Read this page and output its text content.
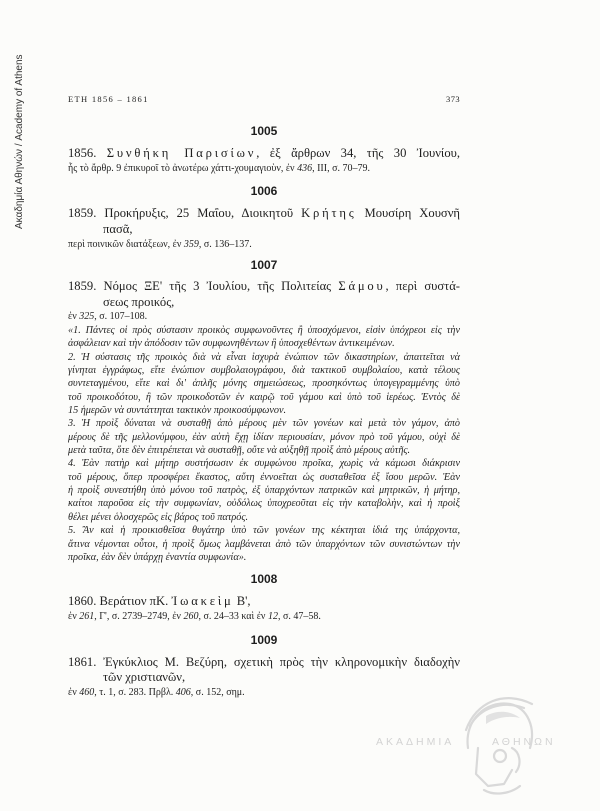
Ακαδημία Αθηνών / Academy of Athens	ΕΤΗ 1856 – 1861	373
1005
1856. Συνθήκη Παρισίων, ἐξ ἄρθρων 34, τῆς 30 Ἰουνίου,
ἧς τὸ ἄρθρ. 9 ἐπικυροῖ τὸ ἀνωτέρω χάττι-χουμαγιοὺν, ἐν 436, III, σ. 70–79.
1006
1859. Προκήρυξις, 25 Μαΐου, Διοικητοῦ Κρήτης Μουσίρη Χουσνῆ
πασᾶ,
περὶ ποινικῶν διατάξεων, ἐν 359, σ. 136–137.
1007
1859. Νόμος ΞΕ' τῆς 3 Ἰουλίου, τῆς Πολιτείας Σάμου, περὶ συστά-
σεως προικός,
ἐν 325, σ. 107–108.
«1. Πάντες οἱ πρὸς σύστασιν προικὸς συμφωνοῦντες ἢ ὑποσχόμενοι, εἰσὶν ὑπόχρεοι εἰς τὴν
ἀσφάλειαν καὶ τὴν ἀπόδοσιν τῶν συμφωνηθέντων ἢ ὑποσχεθέντων ἀντικειμένων.
2. Ἡ σύστασις τῆς προικὸς διὰ νὰ εἶναι ἰσχυρὰ ἐνώπιον τῶν δικαστηρίων, ἀπαιτεῖται νὰ
γίνηται ἐγγράφως, εἴτε ἐνώπιον συμβολαιογράφου, διὰ τακτικοῦ συμβολαίου, κατὰ τέλους
συντεταγμένου, εἴτε καὶ δι' ἁπλῆς μόνης σημειώσεως, προσηκόντως ὑπογεγραμμένης ὑπὸ
τοῦ προικοδότου, ἢ τῶν προικοδοτῶν ἐν καιρῷ τοῦ γάμου καὶ ὑπὸ τοῦ ἱερέως. Ἐντὸς δὲ
15 ἡμερῶν νὰ συντάττηται τακτικὸν προικοσύμφωνον.
3. Ἡ προὶξ δύναται νὰ συσταθῇ ἀπὸ μέρους μὲν τῶν γονέων καὶ μετὰ τὸν γάμον, ἀπὸ
μέρους δὲ τῆς μελλονύμφου, ἐὰν αὐτὴ ἔχῃ ἰδίαν περιουσίαν, μόνον πρὸ τοῦ γάμου, οὐχὶ δὲ
μετὰ ταῦτα, ὅτε δὲν ἐπιτρέπεται νὰ συσταθῇ, οὔτε νὰ αὐξηθῇ προὶξ ἀπὸ μέρους αὐτῆς.
4. Ἐὰν πατὴρ καὶ μήτηρ συστήσωσιν ἐκ συμφώνου προῖκα, χωρὶς νὰ κάμωσι διάκρισιν
τοῦ μέρους, ὅπερ προσφέρει ἕκαστος, αὕτη ἐννοεῖται ὡς συσταθεῖσα ἐξ ἴσου μερῶν. Ἐὰν
ἡ προὶξ συνεστήθη ὑπὸ μόνου τοῦ πατρὸς, ἐξ ὑπαρχόντων πατρικῶν καὶ μητρικῶν, ἡ μήτηρ,
καίτοι παροῦσα εἰς τὴν συμφωνίαν, οὐδόλως ὑποχρεοῦται εἰς τὴν καταβολὴν, καὶ ἡ προὶξ
θέλει μένει ὁλοσχερῶς εἰς βάρος τοῦ πατρός.
5. Ἂν καὶ ἡ προικισθεῖσα θυγάτηρ ὑπὸ τῶν γονέων της κέκτηται ἰδιά της ὑπάρχοντα,
ἄτινα νέμονται οὗτοι, ἡ προὶξ ὅμως λαμβάνεται ἀπὸ τῶν ὑπαρχόντων τῶν συνιστώντων τὴν
προῖκα, ἐὰν δὲν ὑπάρχῃ ἐναντία συμφωνία».
1008
1860. Βεράτιον πΚ. Ἰωακεὶμ Β',
ἐν 261, Γ', σ. 2739–2749, ἐν 260, σ. 24–33 καὶ ἐν 12, σ. 47–58.
1009
1861. Ἐγκύκλιος Μ. Βεζύρη, σχετικὴ πρὸς τὴν κληρονομικὴν διαδοχὴν
τῶν χριστιανῶν,
ἐν 460, τ. 1, σ. 283. Πρβλ. 406, σ. 152, σημ.
ΑΚΑΔΗΜΙΑ	ΑΘΗΝΩΝ
